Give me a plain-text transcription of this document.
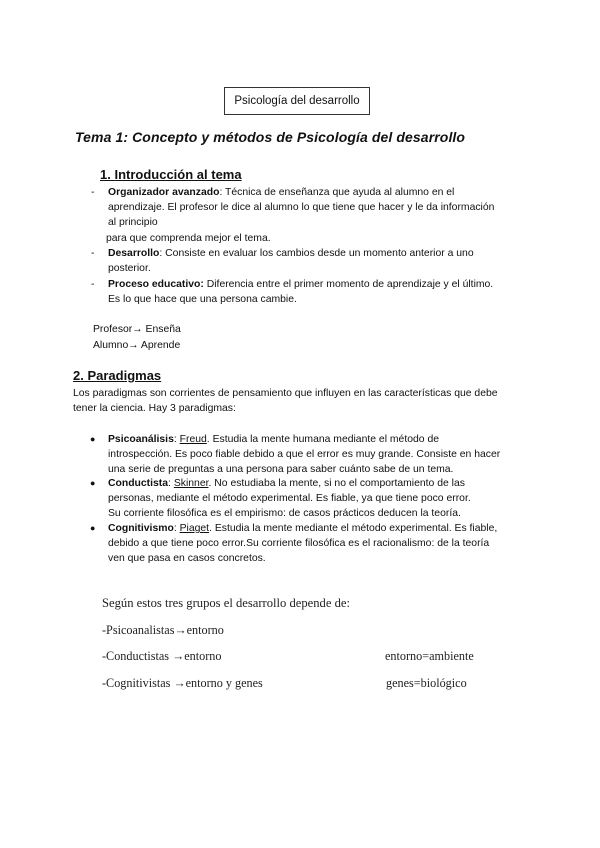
Psicología del desarrollo
Tema 1: Concepto y métodos de Psicología del desarrollo
1. Introducción al tema
- Organizador avanzado: Técnica de enseñanza que ayuda al alumno en el
aprendizaje. El profesor le dice al alumno lo que tiene que hacer y le da información
al principio
para que comprenda mejor el tema.
- Desarrollo: Consiste en evaluar los cambios desde un momento anterior a uno
posterior.
- Proceso educativo: Diferencia entre el primer momento de aprendizaje y el último.
Es lo que hace que una persona cambie.
Profesor→ Enseña
Alumno→ Aprende
2. Paradigmas
Los paradigmas son corrientes de pensamiento que influyen en las características que debe
tener la ciencia. Hay 3 paradigmas:
● Psicoanálisis: Freud. Estudia la mente humana mediante el método de
introspección. Es poco fiable debido a que el error es muy grande. Consiste en hacer
una serie de preguntas a una persona para saber cuánto sabe de un tema.
● Conductista: Skinner. No estudiaba la mente, si no el comportamiento de las
personas, mediante el método experimental. Es fiable, ya que tiene poco error.
Su corriente filosófica es el empirismo: de casos prácticos deducen la teoría.
● Cognitivismo: Piaget. Estudia la mente mediante el método experimental. Es fiable,
debido a que tiene poco error.Su corriente filosófica es el racionalismo: de la teoría
ven que pasa en casos concretos.
Según estos tres grupos el desarrollo depende de:
-Psicoanalistas→entorno
-Conductistas →entorno	entorno=ambiente
-Cognitivistas →entorno y genes	genes=biológico
